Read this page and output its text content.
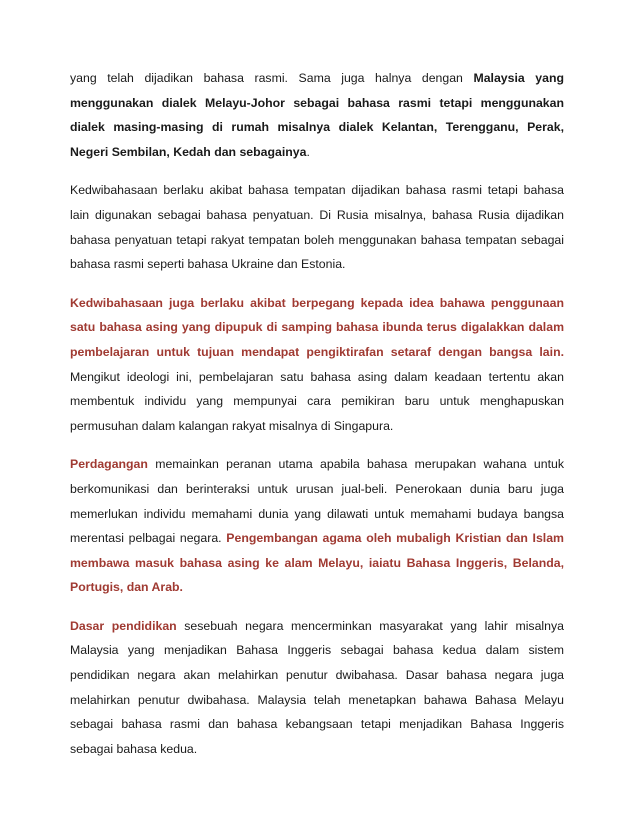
yang telah dijadikan bahasa rasmi. Sama juga halnya dengan Malaysia yang menggunakan dialek Melayu-Johor sebagai bahasa rasmi tetapi menggunakan dialek masing-masing di rumah misalnya dialek Kelantan, Terengganu, Perak, Negeri Sembilan, Kedah dan sebagainya.

Kedwibahasaan berlaku akibat bahasa tempatan dijadikan bahasa rasmi tetapi bahasa lain digunakan sebagai bahasa penyatuan. Di Rusia misalnya, bahasa Rusia dijadikan bahasa penyatuan tetapi rakyat tempatan boleh menggunakan bahasa tempatan sebagai bahasa rasmi seperti bahasa Ukraine dan Estonia.

Kedwibahasaan juga berlaku akibat berpegang kepada idea bahawa penggunaan satu bahasa asing yang dipupuk di samping bahasa ibunda terus digalakkan dalam pembelajaran untuk tujuan mendapat pengiktirafan setaraf dengan bangsa lain. Mengikut ideologi ini, pembelajaran satu bahasa asing dalam keadaan tertentu akan membentuk individu yang mempunyai cara pemikiran baru untuk menghapuskan permusuhan dalam kalangan rakyat misalnya di Singapura.

Perdagangan memainkan peranan utama apabila bahasa merupakan wahana untuk berkomunikasi dan berinteraksi untuk urusan jual-beli. Penerokaan dunia baru juga memerlukan individu memahami dunia yang dilawati untuk memahami budaya bangsa merentasi pelbagai negara. Pengembangan agama oleh mubaligh Kristian dan Islam membawa masuk bahasa asing ke alam Melayu, iaiatu Bahasa Inggeris, Belanda, Portugis, dan Arab.

Dasar pendidikan sesebuah negara mencerminkan masyarakat yang lahir misalnya Malaysia yang menjadikan Bahasa Inggeris sebagai bahasa kedua dalam sistem pendidikan negara akan melahirkan penutur dwibahasa. Dasar bahasa negara juga melahirkan penutur dwibahasa. Malaysia telah menetapkan bahawa Bahasa Melayu sebagai bahasa rasmi dan bahasa kebangsaan tetapi menjadikan Bahasa Inggeris sebagai bahasa kedua.
